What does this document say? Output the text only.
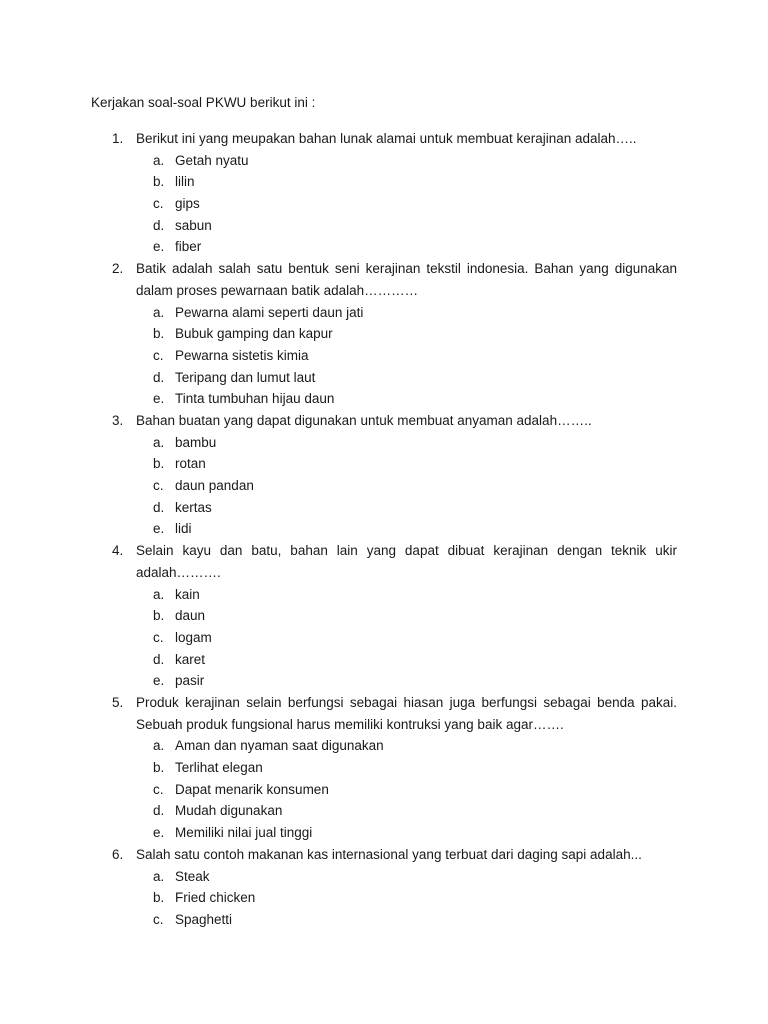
Kerjakan soal-soal PKWU berikut ini :
1. Berikut ini yang meupakan bahan lunak alamai untuk membuat kerajinan adalah…..
a. Getah nyatu
b. lilin
c. gips
d. sabun
e. fiber
2. Batik adalah salah satu bentuk seni kerajinan tekstil indonesia. Bahan yang digunakan dalam proses pewarnaan batik adalah…………
a. Pewarna alami seperti daun jati
b. Bubuk gamping dan kapur
c. Pewarna sistetis kimia
d. Teripang dan lumut laut
e. Tinta tumbuhan hijau daun
3. Bahan buatan yang dapat digunakan untuk membuat anyaman adalah……..
a. bambu
b. rotan
c. daun pandan
d. kertas
e. lidi
4. Selain kayu dan batu, bahan lain yang dapat dibuat kerajinan dengan teknik ukir adalah……….
a. kain
b. daun
c. logam
d. karet
e. pasir
5. Produk kerajinan selain berfungsi sebagai hiasan juga berfungsi sebagai benda pakai. Sebuah produk fungsional harus memiliki kontruksi yang baik agar…….
a. Aman dan nyaman saat digunakan
b. Terlihat elegan
c. Dapat menarik konsumen
d. Mudah digunakan
e. Memiliki nilai jual tinggi
6. Salah satu contoh makanan kas internasional yang terbuat dari daging sapi adalah...
a. Steak
b. Fried chicken
c. Spaghetti
